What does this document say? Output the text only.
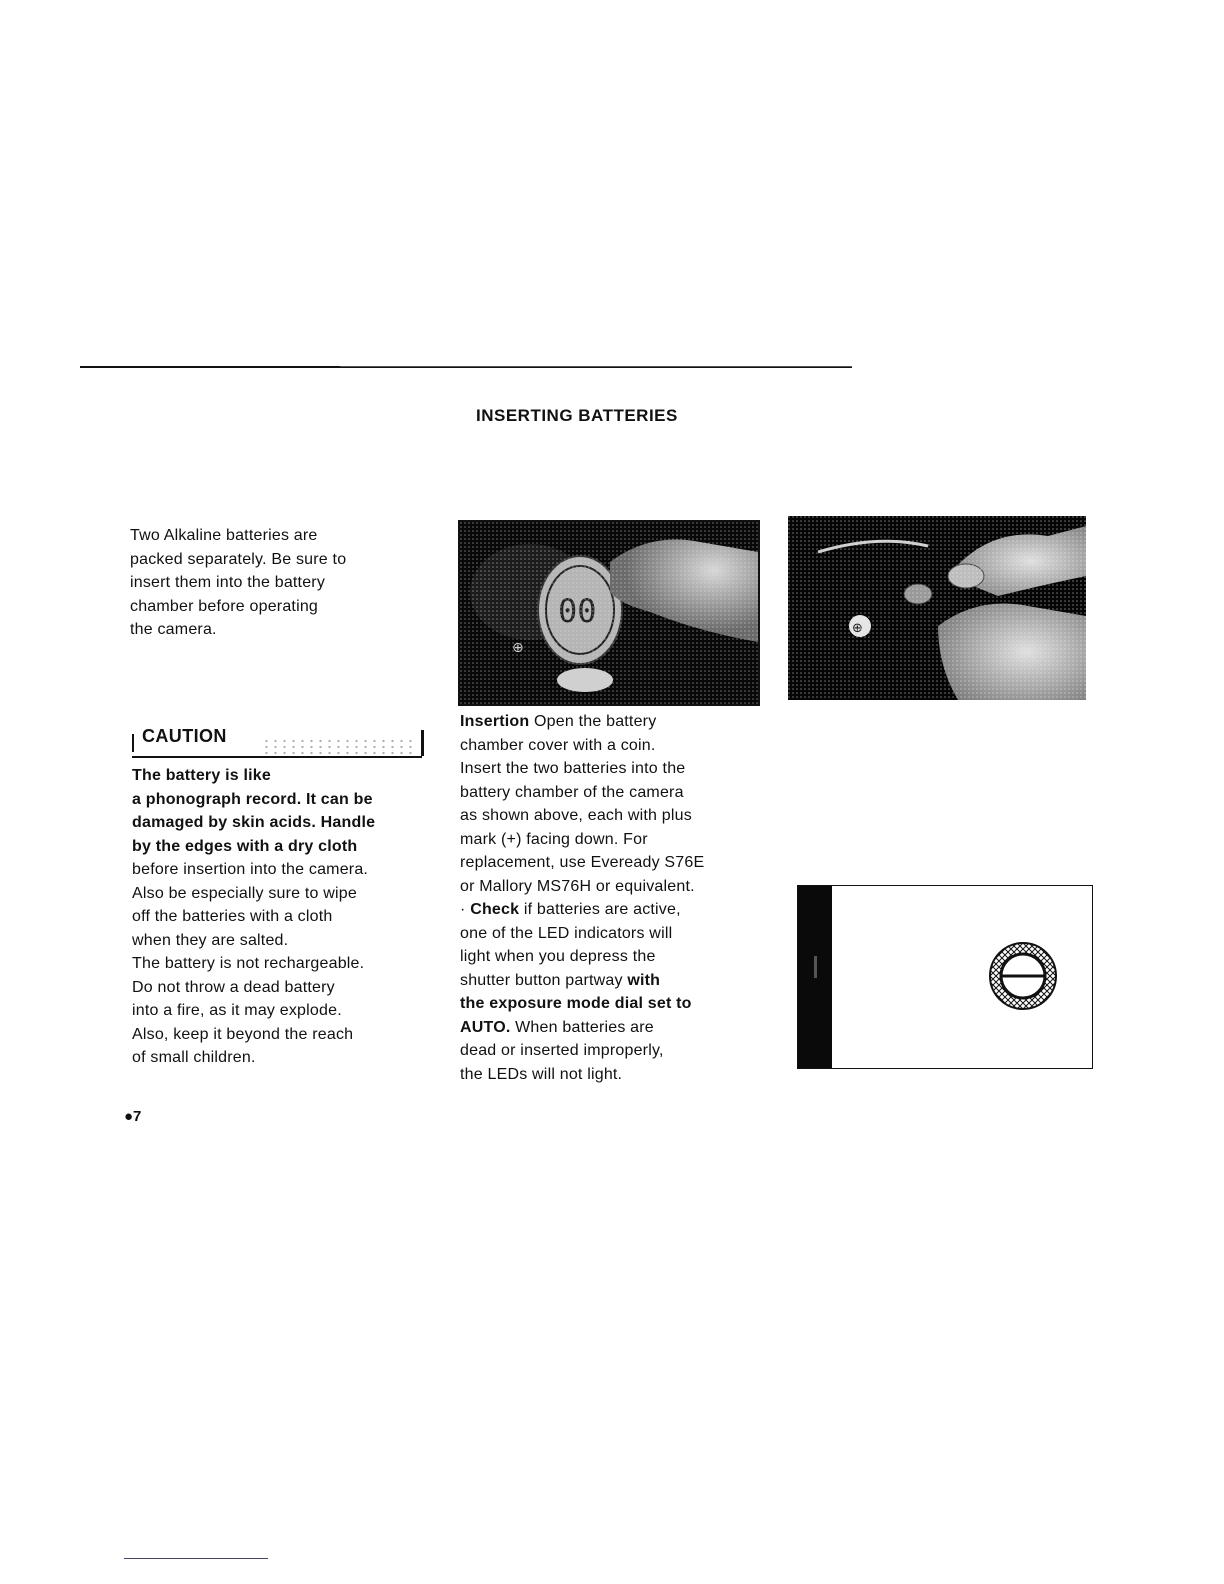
INSERTING BATTERIES
Two Alkaline batteries are
packed separately. Be sure to
insert them into the battery
chamber before operating
the camera.
CAUTION
The battery is like
a phonograph record. It can be
damaged by skin acids. Handle
by the edges with a dry cloth
before insertion into the camera.
Also be especially sure to wipe
off the batteries with a cloth
when they are salted.
The battery is not rechargeable.
Do not throw a dead battery
into a fire, as it may explode.
Also, keep it beyond the reach
of small children.
⊕
Insertion Open the battery
chamber cover with a coin.
Insert the two batteries into the
battery chamber of the camera
as shown above, each with plus
mark (+) facing down. For
replacement, use Eveready S76E
or Mallory MS76H or equivalent.
· Check if batteries are active,
one of the LED indicators will
light when you depress the
shutter button partway with
the exposure mode dial set to
AUTO. When batteries are
dead or inserted improperly,
the LEDs will not light.
●7
